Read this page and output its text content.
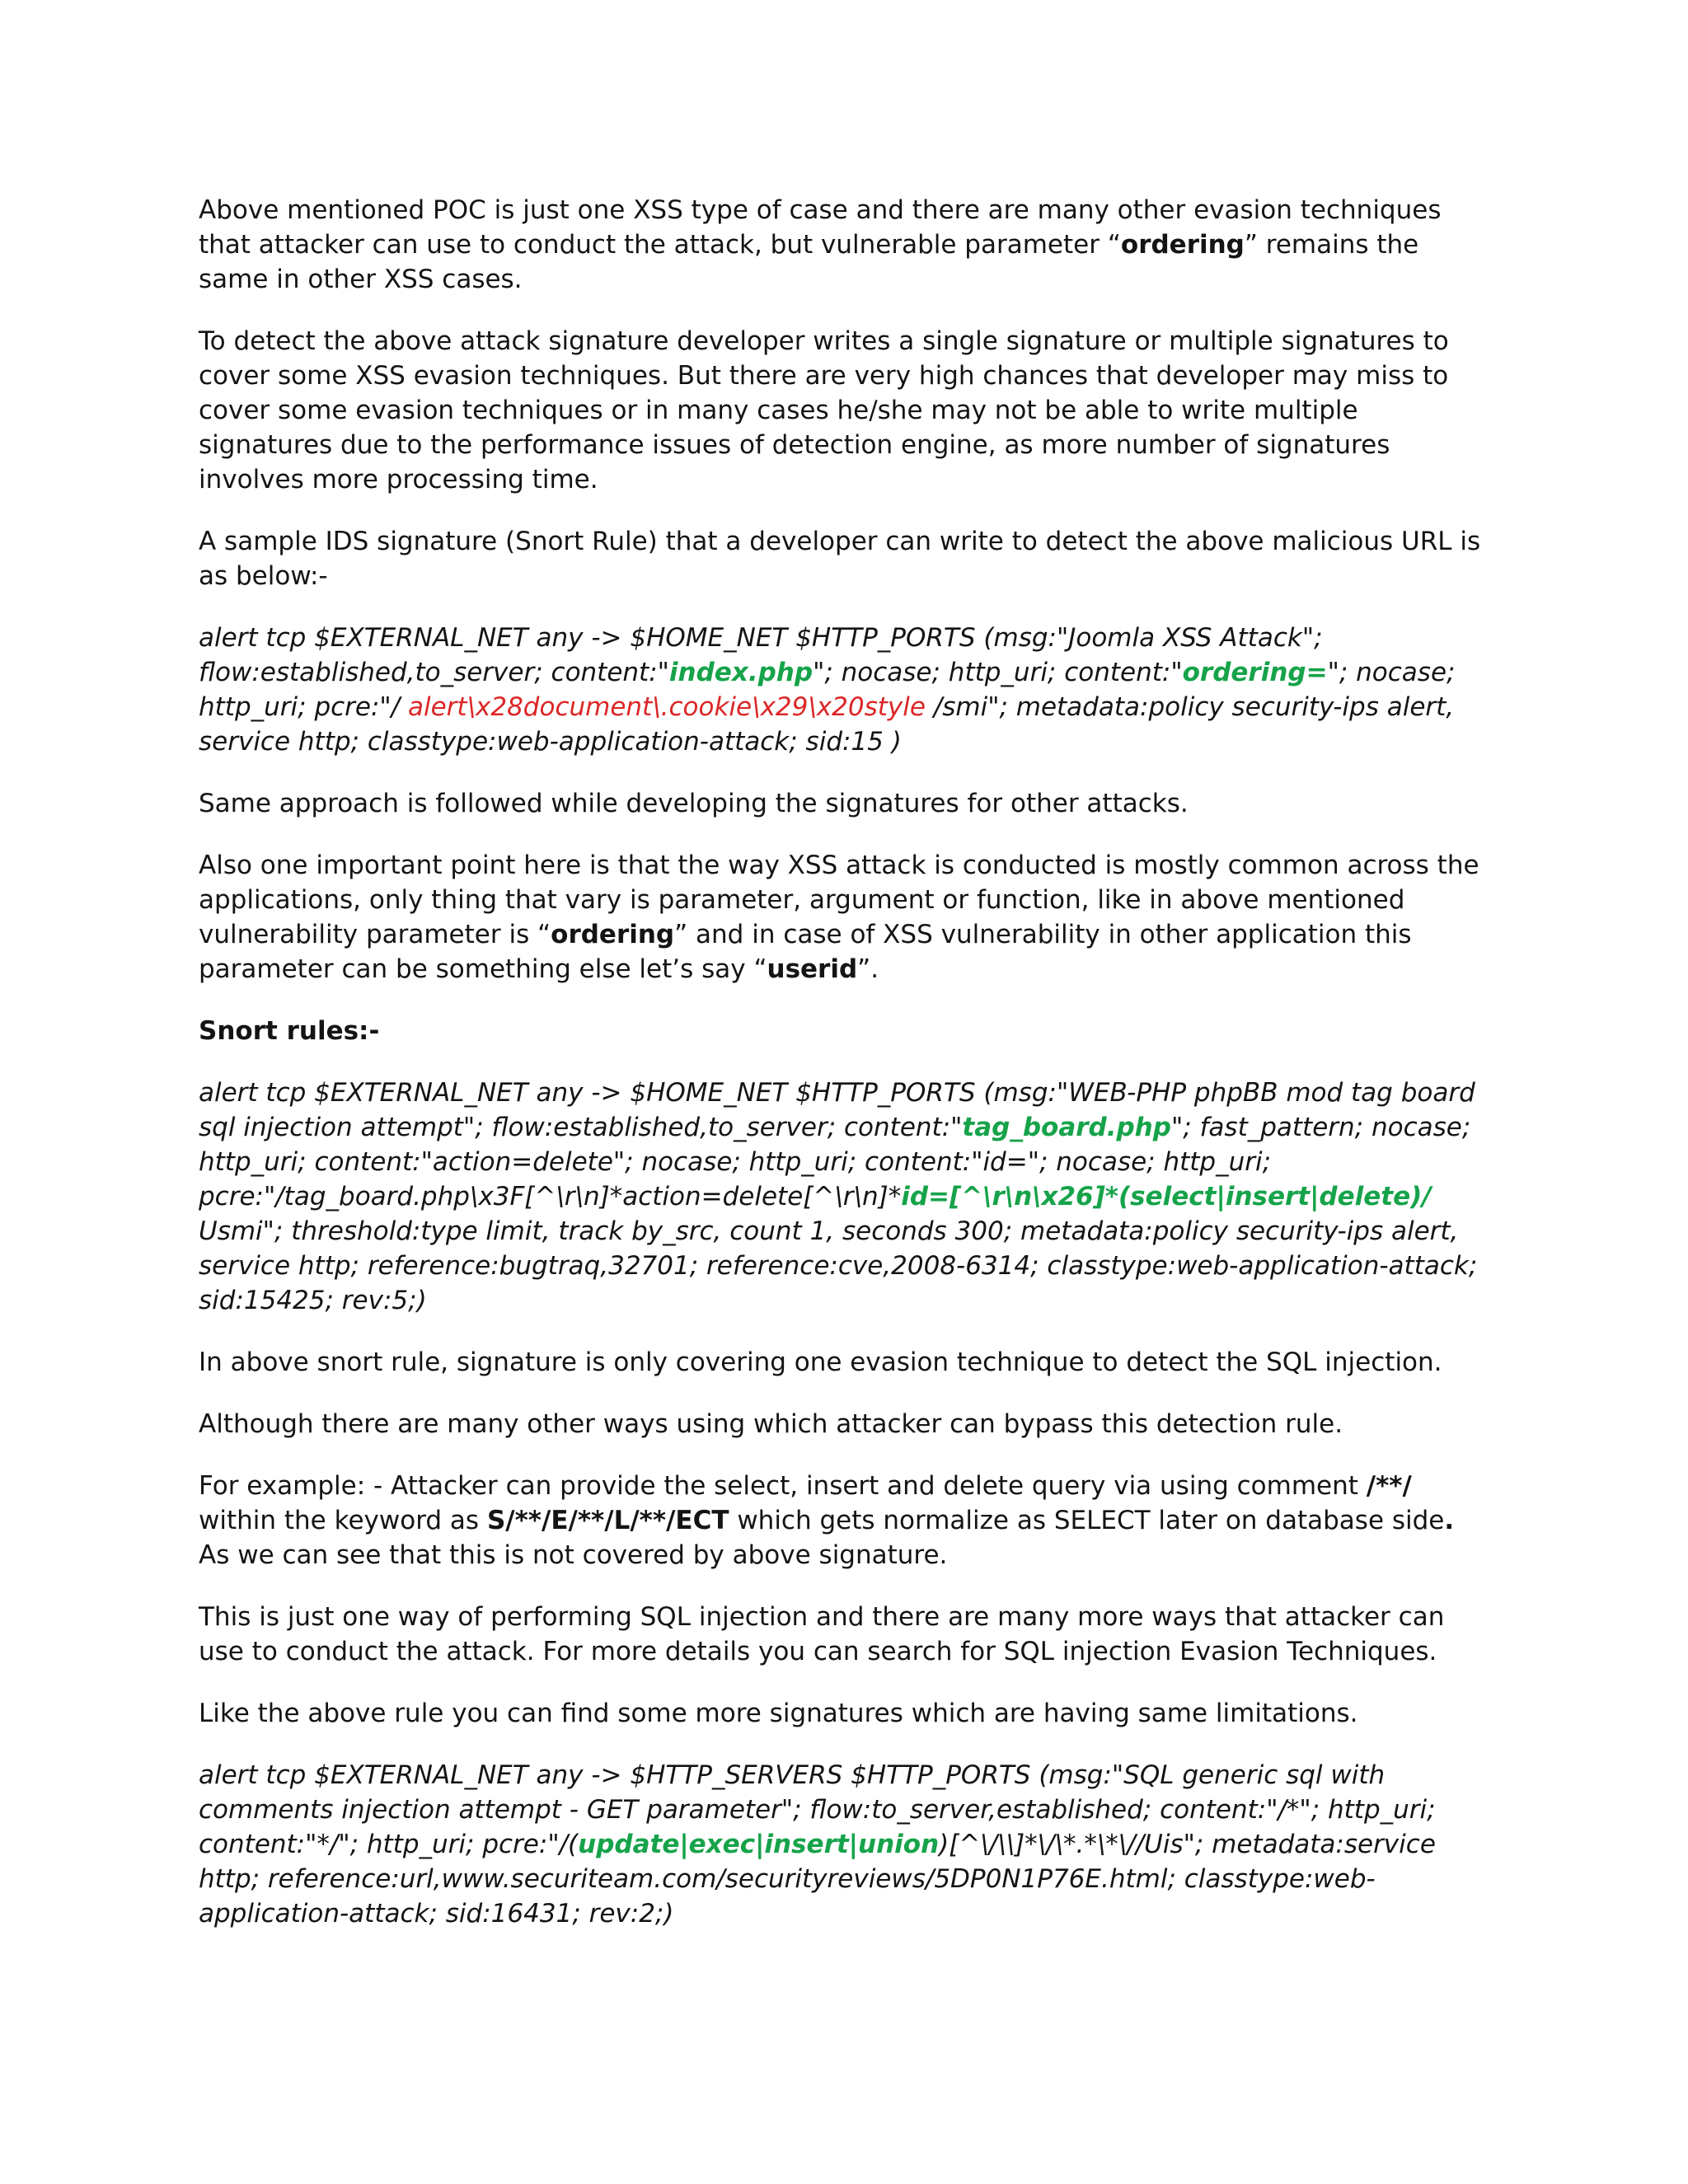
Above mentioned POC is just one XSS type of case and there are many other evasion techniques that attacker can use to conduct the attack, but vulnerable parameter “ordering” remains the same in other XSS cases.

To detect the above attack signature developer writes a single signature or multiple signatures to cover some XSS evasion techniques. But there are very high chances that developer may miss to cover some evasion techniques or in many cases he/she may not be able to write multiple signatures due to the performance issues of detection engine, as more number of signatures involves more processing time.

A sample IDS signature (Snort Rule) that a developer can write to detect the above malicious URL is as below:-

alert tcp $EXTERNAL_NET any -> $HOME_NET $HTTP_PORTS (msg:"Joomla XSS Attack"; flow:established,to_server; content:"index.php"; nocase; http_uri; content:"ordering="; nocase; http_uri; pcre:"/ alert\x28document\.cookie\x29\x20style /smi"; metadata:policy security-ips alert, service http; classtype:web-application-attack; sid:15 )

Same approach is followed while developing the signatures for other attacks.

Also one important point here is that the way XSS attack is conducted is mostly common across the applications, only thing that vary is parameter, argument or function, like in above mentioned vulnerability parameter is “ordering” and in case of XSS vulnerability in other application this parameter can be something else let’s say “userid”.

Snort rules:-

alert tcp $EXTERNAL_NET any -> $HOME_NET $HTTP_PORTS (msg:"WEB-PHP phpBB mod tag board sql injection attempt"; flow:established,to_server; content:"tag_board.php"; fast_pattern; nocase; http_uri; content:"action=delete"; nocase; http_uri; content:"id="; nocase; http_uri; pcre:"/tag_board.php\x3F[^\r\n]*action=delete[^\r\n]*id=[^\r\n\x26]*(select|insert|delete)/ Usmi"; threshold:type limit, track by_src, count 1, seconds 300; metadata:policy security-ips alert, service http; reference:bugtraq,32701; reference:cve,2008-6314; classtype:web-application-attack; sid:15425; rev:5;)

In above snort rule, signature is only covering one evasion technique to detect the SQL injection.

Although there are many other ways using which attacker can bypass this detection rule.

For example: - Attacker can provide the select, insert and delete query via using comment /**/ within the keyword as S/**/E/**/L/**/ECT which gets normalize as SELECT later on database side. As we can see that this is not covered by above signature.

This is just one way of performing SQL injection and there are many more ways that attacker can use to conduct the attack. For more details you can search for SQL injection Evasion Techniques.

Like the above rule you can find some more signatures which are having same limitations.

alert tcp $EXTERNAL_NET any -> $HTTP_SERVERS $HTTP_PORTS (msg:"SQL generic sql with comments injection attempt - GET parameter"; flow:to_server,established; content:"/*"; http_uri; content:"*/"; http_uri; pcre:"/(update|exec|insert|union)[^\/\\]*\/\*.*\*\//Uis"; metadata:service http; reference:url,www.securiteam.com/securityreviews/5DP0N1P76E.html; classtype:web-application-attack; sid:16431; rev:2;)
